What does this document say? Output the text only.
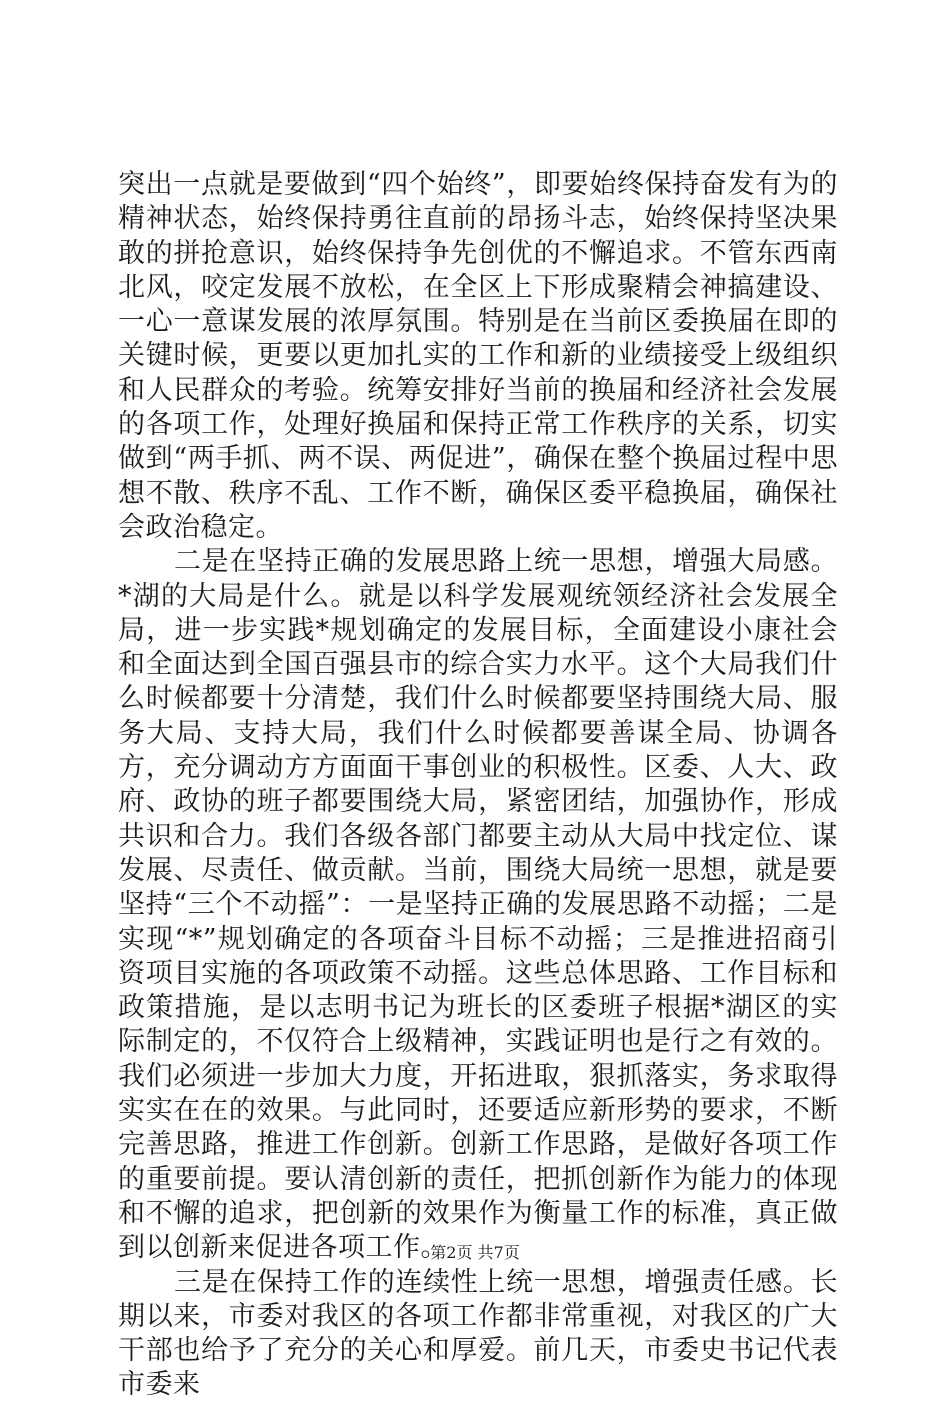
突出一点就是要做到“四个始终”，即要始终保持奋发有为的精神状态，始终保持勇往直前的昂扬斗志，始终保持坚决果敢的拼抢意识，始终保持争先创优的不懈追求。不管东西南北风，咬定发展不放松，在全区上下形成聚精会神搞建设、一心一意谋发展的浓厚氛围。特别是在当前区委换届在即的关键时候，更要以更加扎实的工作和新的业绩接受上级组织和人民群众的考验。统筹安排好当前的换届和经济社会发展的各项工作，处理好换届和保持正常工作秩序的关系，切实做到“两手抓、两不误、两促进”，确保在整个换届过程中思想不散、秩序不乱、工作不断，确保区委平稳换届，确保社会政治稳定。

二是在坚持正确的发展思路上统一思想，增强大局感。*湖的大局是什么。就是以科学发展观统领经济社会发展全局，进一步实践*规划确定的发展目标，全面建设小康社会和全面达到全国百强县市的综合实力水平。这个大局我们什么时候都要十分清楚，我们什么时候都要坚持围绕大局、服务大局、支持大局，我们什么时候都要善谋全局、协调各方，充分调动方方面面干事创业的积极性。区委、人大、政府、政协的班子都要围绕大局，紧密团结，加强协作，形成共识和合力。我们各级各部门都要主动从大局中找定位、谋发展、尽责任、做贡献。当前，围绕大局统一思想，就是要坚持“三个不动摇”：一是坚持正确的发展思路不动摇；二是实现“*”规划确定的各项奋斗目标不动摇；三是推进招商引资项目实施的各项政策不动摇。这些总体思路、工作目标和政策措施，是以志明书记为班长的区委班子根据*湖区的实际制定的，不仅符合上级精神，实践证明也是行之有效的。我们必须进一步加大力度，开拓进取，狠抓落实，务求取得实实在在的效果。与此同时，还要适应新形势的要求，不断完善思路，推进工作创新。创新工作思路，是做好各项工作的重要前提。要认清创新的责任，把抓创新作为能力的体现和不懈的追求，把创新的效果作为衡量工作的标准，真正做到以创新来促进各项工作。

三是在保持工作的连续性上统一思想，增强责任感。长期以来，市委对我区的各项工作都非常重视，对我区的广大干部也给予了充分的关心和厚爱。前几天，市委史书记代表市委来

第2页 共7页
